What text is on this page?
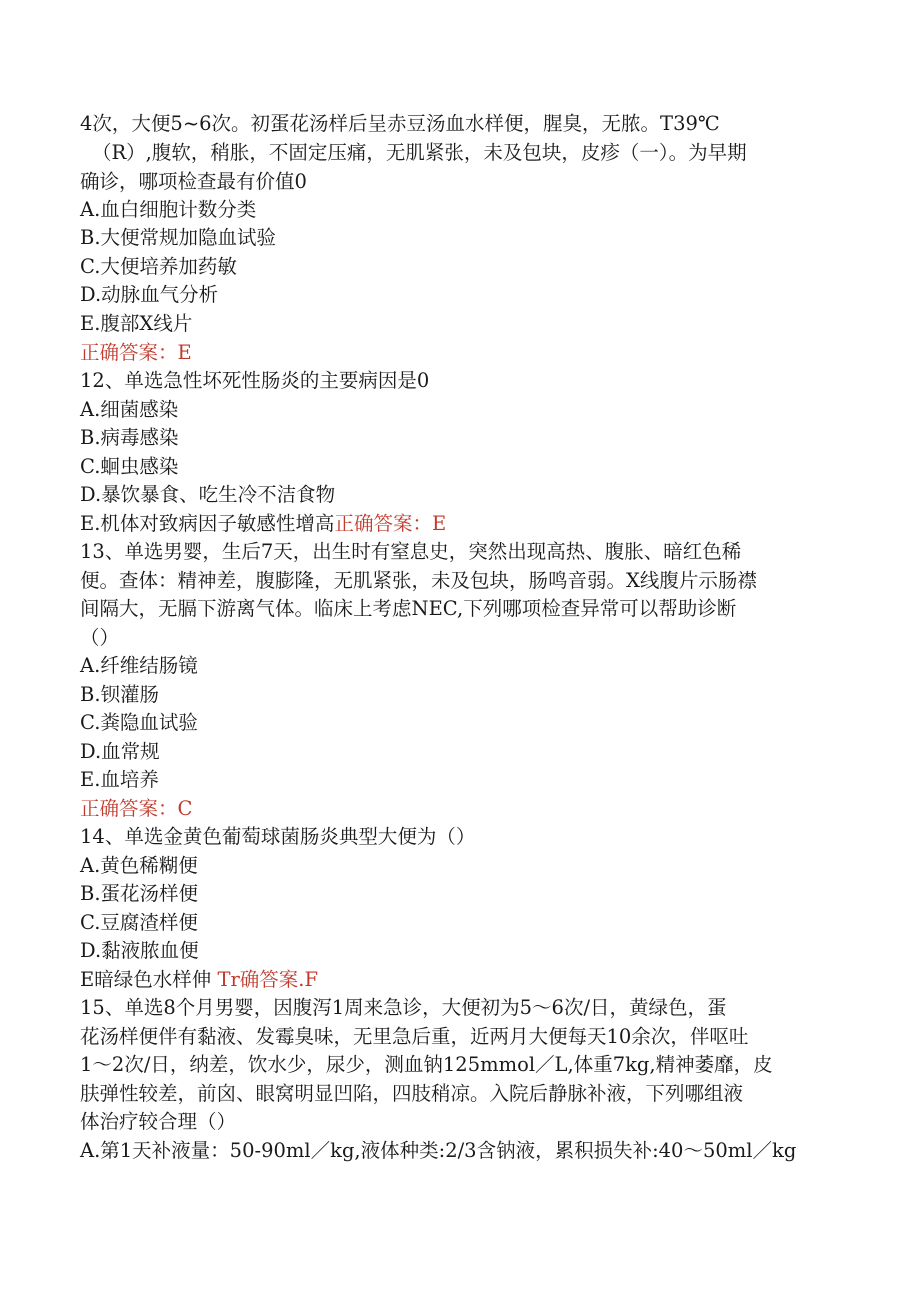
4次，大便5~6次。初蛋花汤样后呈赤豆汤血水样便，腥臭，无脓。T39℃
（R）,腹软，稍胀，不固定压痛，无肌紧张，未及包块，皮疹（一）。为早期
确诊，哪项检查最有价值0
A.血白细胞计数分类
B.大便常规加隐血试验
C.大便培养加药敏
D.动脉血气分析
E.腹部X线片
正确答案：E
12、单选急性坏死性肠炎的主要病因是0
A.细菌感染
B.病毒感染
C.蛔虫感染
D.暴饮暴食、吃生冷不洁食物
E.机体对致病因子敏感性增高正确答案：E
13、单选男婴，生后7天，出生时有窒息史，突然出现高热、腹胀、暗红色稀
便。查体：精神差，腹膨隆，无肌紧张，未及包块，肠鸣音弱。X线腹片示肠襟
间隔大，无膈下游离气体。临床上考虑NEC,下列哪项检查异常可以帮助诊断
（）
A.纤维结肠镜
B.钡灌肠
C.粪隐血试验
D.血常规
E.血培养
正确答案：C
14、单选金黄色葡萄球菌肠炎典型大便为（）
A.黄色稀糊便
B.蛋花汤样便
C.豆腐渣样便
D.黏液脓血便
E暗绿色水样伸 Tr确答案.F
15、单选8个月男婴，因腹泻1周来急诊，大便初为5～6次/日，黄绿色，蛋
花汤样便伴有黏液、发霉臭味，无里急后重，近两月大便每天10余次，伴呕吐
1～2次/日，纳差，饮水少，尿少，测血钠125mmol／L,体重7kg,精神萎靡，皮
肤弹性较差，前囟、眼窝明显凹陷，四肢稍凉。入院后静脉补液，下列哪组液
体治疗较合理（）
A.第1天补液量：50-90ml／kg,液体种类:2/3含钠液，累积损失补:40～50ml／kg
